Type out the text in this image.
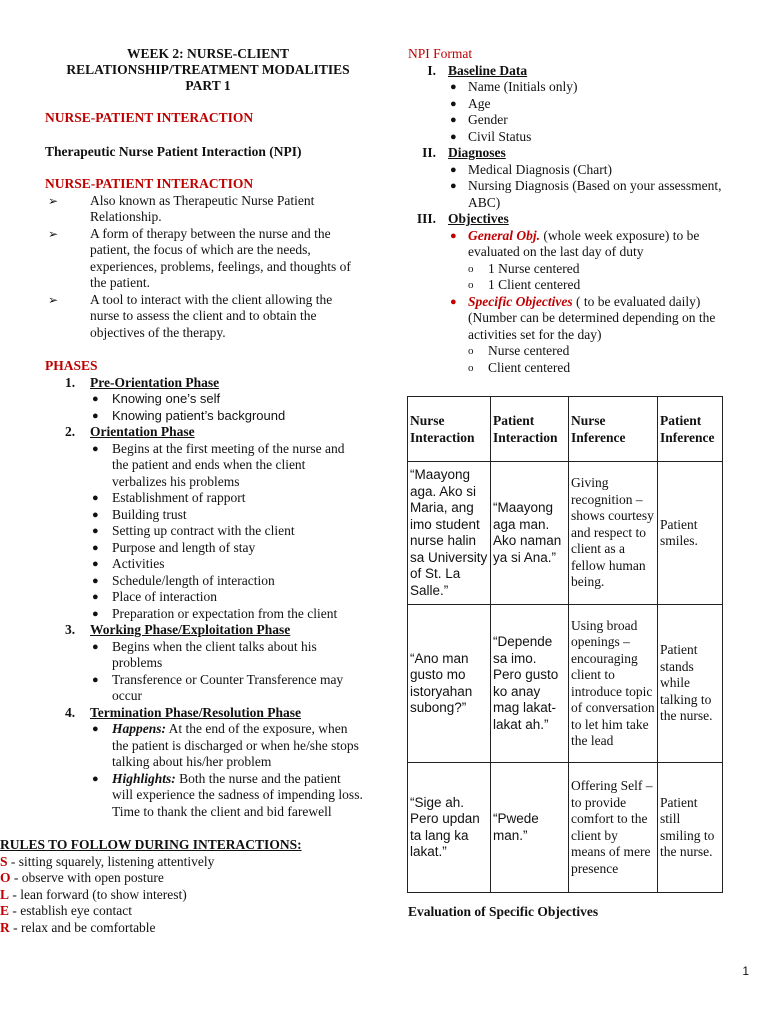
WEEK 2: NURSE-CLIENT

RELATIONSHIP/TREATMENT MODALITIES

PART 1

NURSE-PATIENT INTERACTION

Therapeutic Nurse Patient Interaction (NPI)

NURSE-PATIENT INTERACTION

➢	Also known as Therapeutic Nurse Patient Relationship.
➢	A form of therapy between the nurse and the patient, the focus of which are the needs, experiences, problems, feelings, and thoughts of the patient.
➢	A tool to interact with the client allowing the nurse to assess the client and to obtain the objectives of the therapy.

PHASES

1. Pre-Orientation Phase
● Knowing one’s self
● Knowing patient’s background
2. Orientation Phase
● Begins at the first meeting of the nurse and the patient and ends when the client verbalizes his problems
● Establishment of rapport
● Building trust
● Setting up contract with the client
● Purpose and length of stay
● Activities
● Schedule/length of interaction
● Place of interaction
● Preparation or expectation from the client
3. Working Phase/Exploitation Phase
● Begins when the client talks about his problems
● Transference or Counter Transference may occur
4. Termination Phase/Resolution Phase
● Happens: At the end of the exposure, when the patient is discharged or when he/she stops talking about his/her problem
● Highlights: Both the nurse and the patient will experience the sadness of impending loss. Time to thank the client and bid farewell

RULES TO FOLLOW DURING INTERACTIONS:

S - sitting squarely, listening attentively

O - observe with open posture

L - lean forward (to show interest)

E - establish eye contact

R - relax and be comfortable

NPI Format

I. Baseline Data
● Name (Initials only)
● Age
● Gender
● Civil Status
II. Diagnoses
● Medical Diagnosis (Chart)
● Nursing Diagnosis (Based on your assessment, ABC)
III. Objectives
● General Obj. (whole week exposure) to be evaluated on the last day of duty
o 1 Nurse centered
o 1 Client centered
● Specific Objectives ( to be evaluated daily) (Number can be determined depending on the activities set for the day)
o Nurse centered
o Client centered
Nurse Interaction	Patient Interaction	Nurse Inference	Patient Inference
“Maayong aga. Ako si Maria, ang imo student nurse halin sa University of St. La Salle.”	“Maayong aga man. Ako naman ya si Ana.”	Giving recognition – shows courtesy and respect to client as a fellow human being.	Patient smiles.
“Ano man gusto mo istoryahan subong?”	“Depende sa imo. Pero gusto ko anay mag lakat-lakat ah.”	Using broad openings – encouraging client to introduce topic of conversation to let him take the lead	Patient stands while talking to the nurse.
“Sige ah. Pero updan ta lang ka lakat.”	“Pwede man.”	Offering Self – to provide comfort to the client by means of mere presence	Patient still smiling to the nurse.

Evaluation of Specific Objectives

1
